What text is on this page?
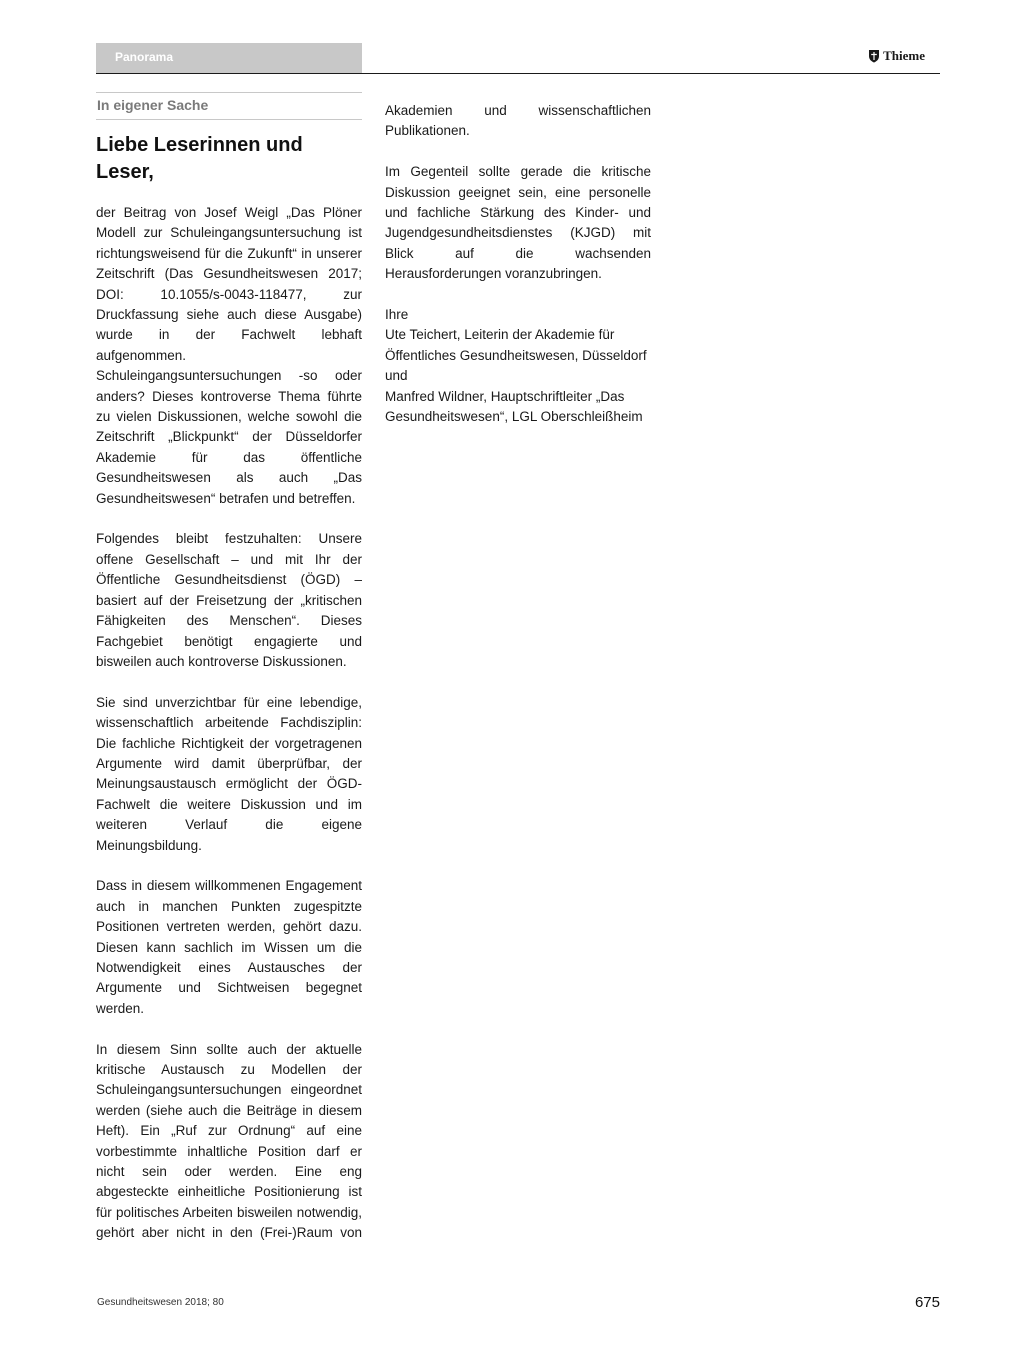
Panorama	Thieme
In eigener Sache
Liebe Leserinnen und Leser,

der Beitrag von Josef Weigl „Das Plöner Modell zur Schuleingangsuntersuchung ist richtungsweisend für die Zukunft“ in unserer Zeitschrift (Das Gesundheitswesen 2017; DOI: 10.1055/s-0043-118477, zur Druckfassung siehe auch diese Ausgabe) wurde in der Fachwelt lebhaft aufgenommen. Schuleingangsuntersuchungen -so oder anders? Dieses kontroverse Thema führte zu vielen Diskussionen, welche sowohl die Zeitschrift „Blickpunkt“ der Düsseldorfer Akademie für das öffentliche Gesundheitswesen als auch „Das Gesundheitswesen“ betrafen und betreffen.

Folgendes bleibt festzuhalten: Unsere offene Gesellschaft – und mit Ihr der Öffentliche Gesundheitsdienst (ÖGD) – basiert auf der Freisetzung der „kritischen Fähigkeiten des Menschen“. Dieses Fachgebiet benötigt engagierte und bisweilen auch kontroverse Diskussionen.

Sie sind unverzichtbar für eine lebendige, wissenschaftlich arbeitende Fachdisziplin: Die fachliche Richtigkeit der vorgetragenen Argumente wird damit überprüfbar, der Meinungsaustausch ermöglicht der ÖGD-Fachwelt die weitere Diskussion und im weiteren Verlauf die eigene Meinungsbildung.

Dass in diesem willkommenen Engagement auch in manchen Punkten zugespitzte Positionen vertreten werden, gehört dazu. Diesen kann sachlich im Wissen um die Notwendigkeit eines Austausches der Argumente und Sichtweisen begegnet werden.

In diesem Sinn sollte auch der aktuelle kritische Austausch zu Modellen der Schuleingangsuntersuchungen eingeordnet werden (siehe auch die Beiträge in diesem Heft). Ein „Ruf zur Ordnung“ auf eine vorbestimmte inhaltliche Position darf er nicht sein oder werden. Eine eng abgesteckte einheitliche Positionierung ist für politisches Arbeiten bisweilen notwendig, gehört aber nicht in den (Frei-)Raum von

Akademien und wissenschaftlichen Publikationen.

Im Gegenteil sollte gerade die kritische Diskussion geeignet sein, eine personelle und fachliche Stärkung des Kinder- und Jugendgesundheitsdienstes (KJGD) mit Blick auf die wachsenden Herausforderungen voranzubringen.

Ihre
Ute Teichert, Leiterin der Akademie für Öffentliches Gesundheitswesen, Düsseldorf
und
Manfred Wildner, Hauptschriftleiter „Das Gesundheitswesen“, LGL Oberschleißheim
Gesundheitswesen 2018; 80	675
